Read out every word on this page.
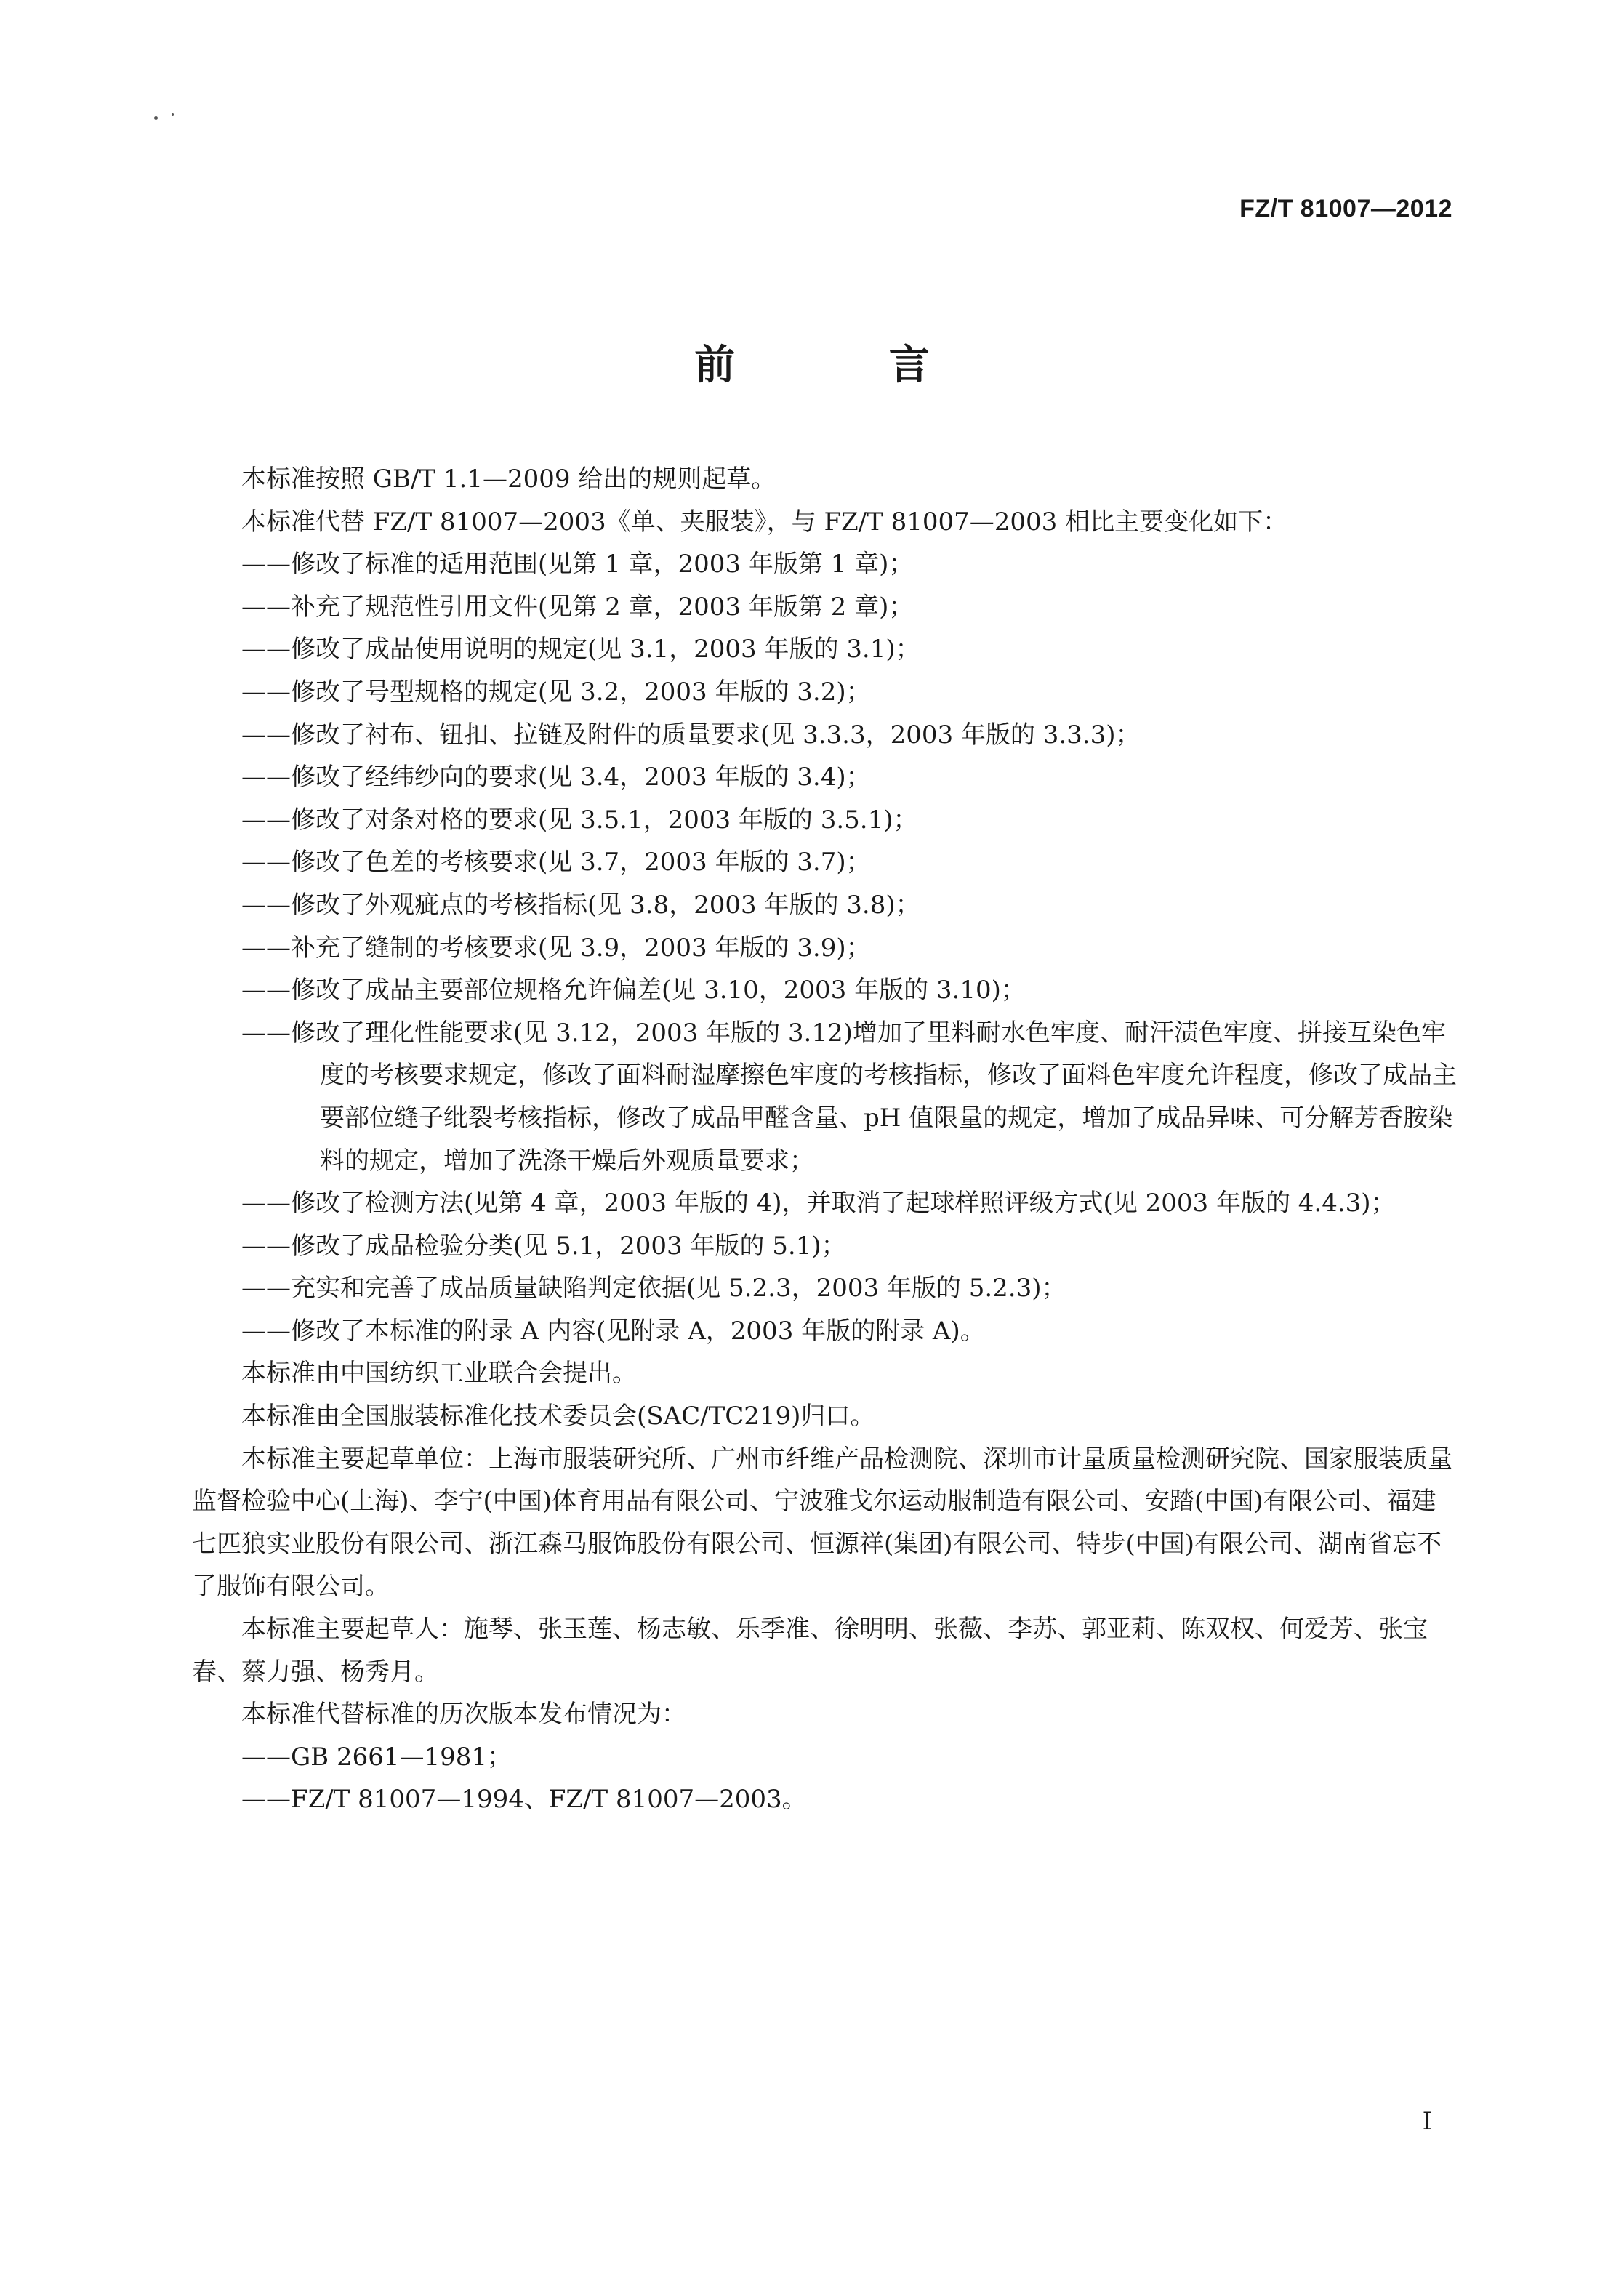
FZ/T 81007—2012
前 言

本标准按照 GB/T 1.1—2009 给出的规则起草。

本标准代替 FZ/T 81007—2003《单、夹服装》，与 FZ/T 81007—2003 相比主要变化如下：

——修改了标准的适用范围(见第 1 章，2003 年版第 1 章)；

——补充了规范性引用文件(见第 2 章，2003 年版第 2 章)；

——修改了成品使用说明的规定(见 3.1，2003 年版的 3.1)；

——修改了号型规格的规定(见 3.2，2003 年版的 3.2)；

——修改了衬布、钮扣、拉链及附件的质量要求(见 3.3.3，2003 年版的 3.3.3)；

——修改了经纬纱向的要求(见 3.4，2003 年版的 3.4)；

——修改了对条对格的要求(见 3.5.1，2003 年版的 3.5.1)；

——修改了色差的考核要求(见 3.7，2003 年版的 3.7)；

——修改了外观疵点的考核指标(见 3.8，2003 年版的 3.8)；

——补充了缝制的考核要求(见 3.9，2003 年版的 3.9)；

——修改了成品主要部位规格允许偏差(见 3.10，2003 年版的 3.10)；

——修改了理化性能要求(见 3.12，2003 年版的 3.12)增加了里料耐水色牢度、耐汗渍色牢度、拼接互染色牢度的考核要求规定，修改了面料耐湿摩擦色牢度的考核指标，修改了面料色牢度允许程度，修改了成品主要部位缝子纰裂考核指标，修改了成品甲醛含量、pH 值限量的规定，增加了成品异味、可分解芳香胺染料的规定，增加了洗涤干燥后外观质量要求；

——修改了检测方法(见第 4 章，2003 年版的 4)，并取消了起球样照评级方式(见 2003 年版的 4.4.3)；

——修改了成品检验分类(见 5.1，2003 年版的 5.1)；

——充实和完善了成品质量缺陷判定依据(见 5.2.3，2003 年版的 5.2.3)；

——修改了本标准的附录 A 内容(见附录 A，2003 年版的附录 A)。

本标准由中国纺织工业联合会提出。

本标准由全国服装标准化技术委员会(SAC/TC219)归口。

本标准主要起草单位：上海市服装研究所、广州市纤维产品检测院、深圳市计量质量检测研究院、国家服装质量监督检验中心(上海)、李宁(中国)体育用品有限公司、宁波雅戈尔运动服制造有限公司、安踏(中国)有限公司、福建七匹狼实业股份有限公司、浙江森马服饰股份有限公司、恒源祥(集团)有限公司、特步(中国)有限公司、湖南省忘不了服饰有限公司。

本标准主要起草人：施琴、张玉莲、杨志敏、乐季准、徐明明、张薇、李苏、郭亚莉、陈双权、何爱芳、张宝春、蔡力强、杨秀月。

本标准代替标准的历次版本发布情况为：

——GB 2661—1981；

——FZ/T 81007—1994、FZ/T 81007—2003。

I
